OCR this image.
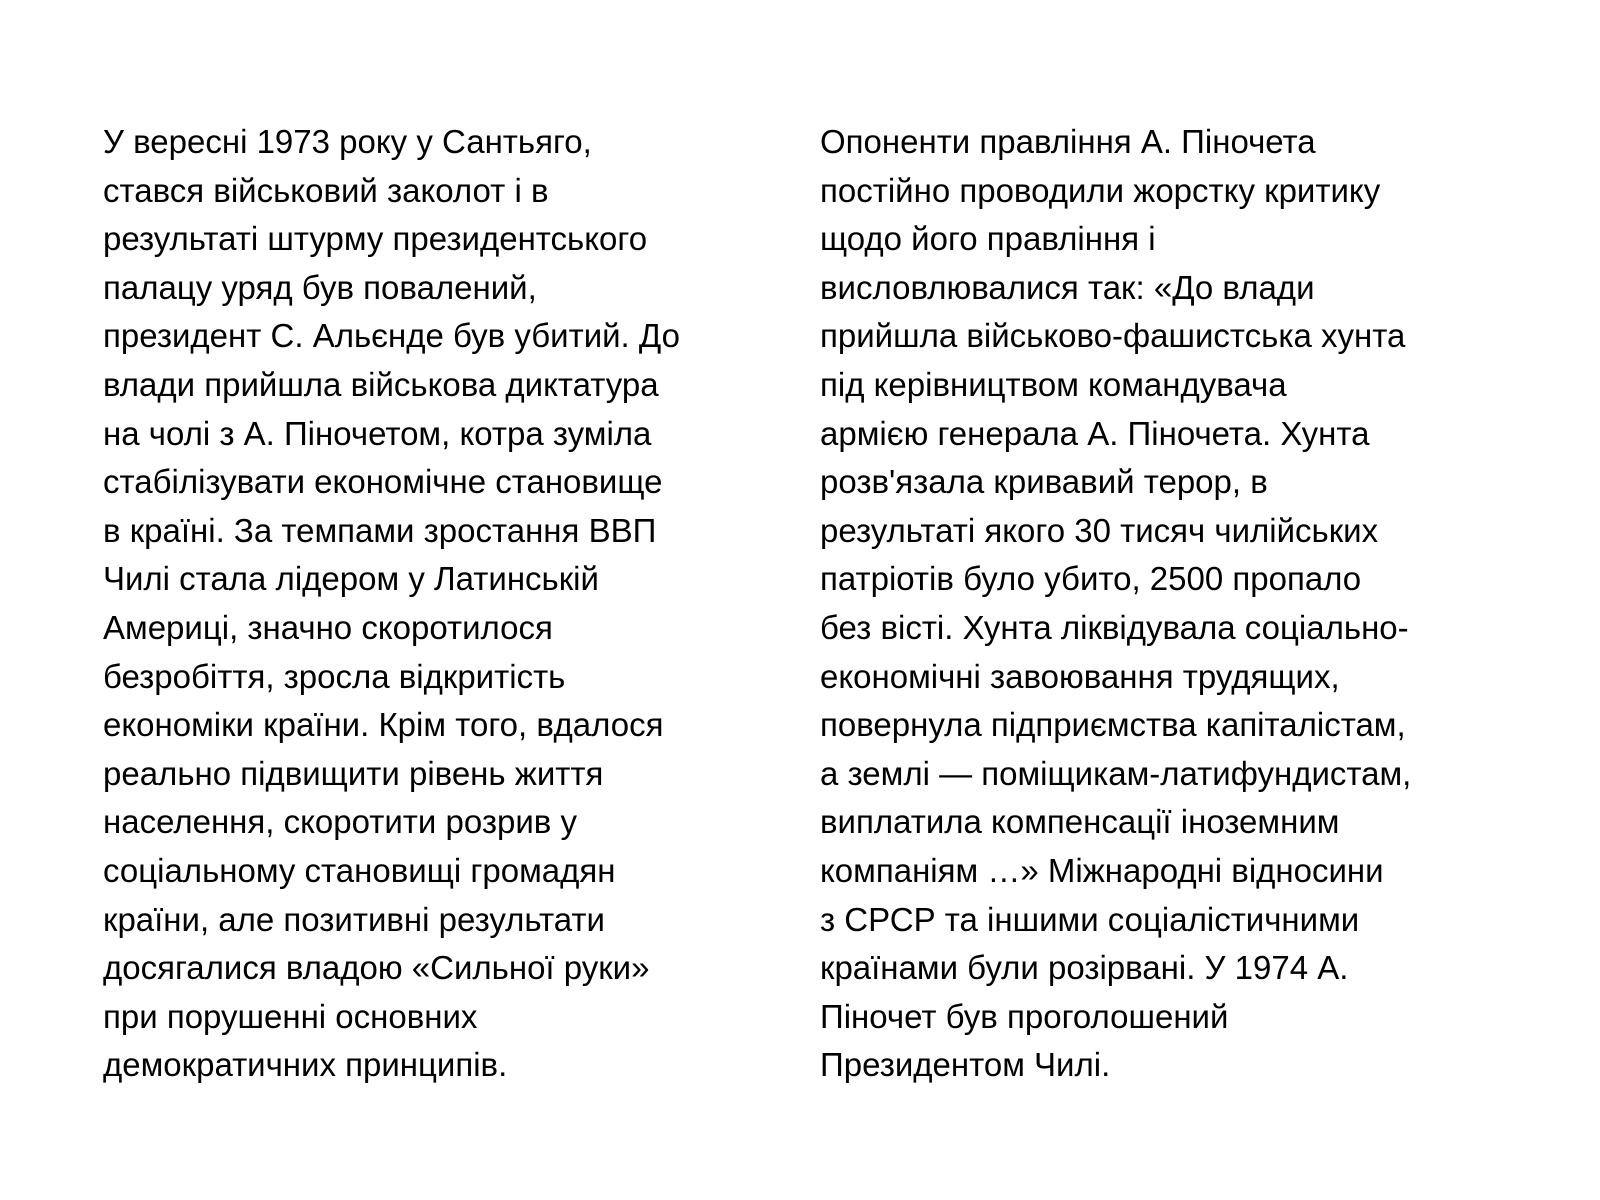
У вересні 1973 року у Сантьяго,
стався військовий заколот і в
результаті штурму президентського
палацу уряд був повалений,
президент С. Альєнде був убитий. До
влади прийшла військова диктатура
на чолі з А. Піночетом, котра зуміла
стабілізувати економічне становище
в країні. За темпами зростання ВВП
Чилі стала лідером у Латинській
Америці, значно скоротилося
безробіття, зросла відкритість
економіки країни. Крім того, вдалося
реально підвищити рівень життя
населення, скоротити розрив у
соціальному становищі громадян
країни, але позитивні результати
досягалися владою «Сильної руки»
при порушенні основних
демократичних принципів.

Опоненти правління А. Піночета
постійно проводили жорстку критику
щодо його правління і
висловлювалися так: «До влади
прийшла військово-фашистська хунта
під керівництвом командувача
армією генерала А. Піночета. Хунта
розв'язала кривавий терор, в
результаті якого 30 тисяч чилійських
патріотів було убито, 2500 пропало
без вісті. Хунта ліквідувала соціально-
економічні завоювання трудящих,
повернула підприємства капіталістам,
а землі — поміщикам-латифундистам,
виплатила компенсації іноземним
компаніям …» Міжнародні відносини
з СРСР та іншими соціалістичними
країнами були розірвані. У 1974 А.
Піночет був проголошений
Президентом Чилі.
